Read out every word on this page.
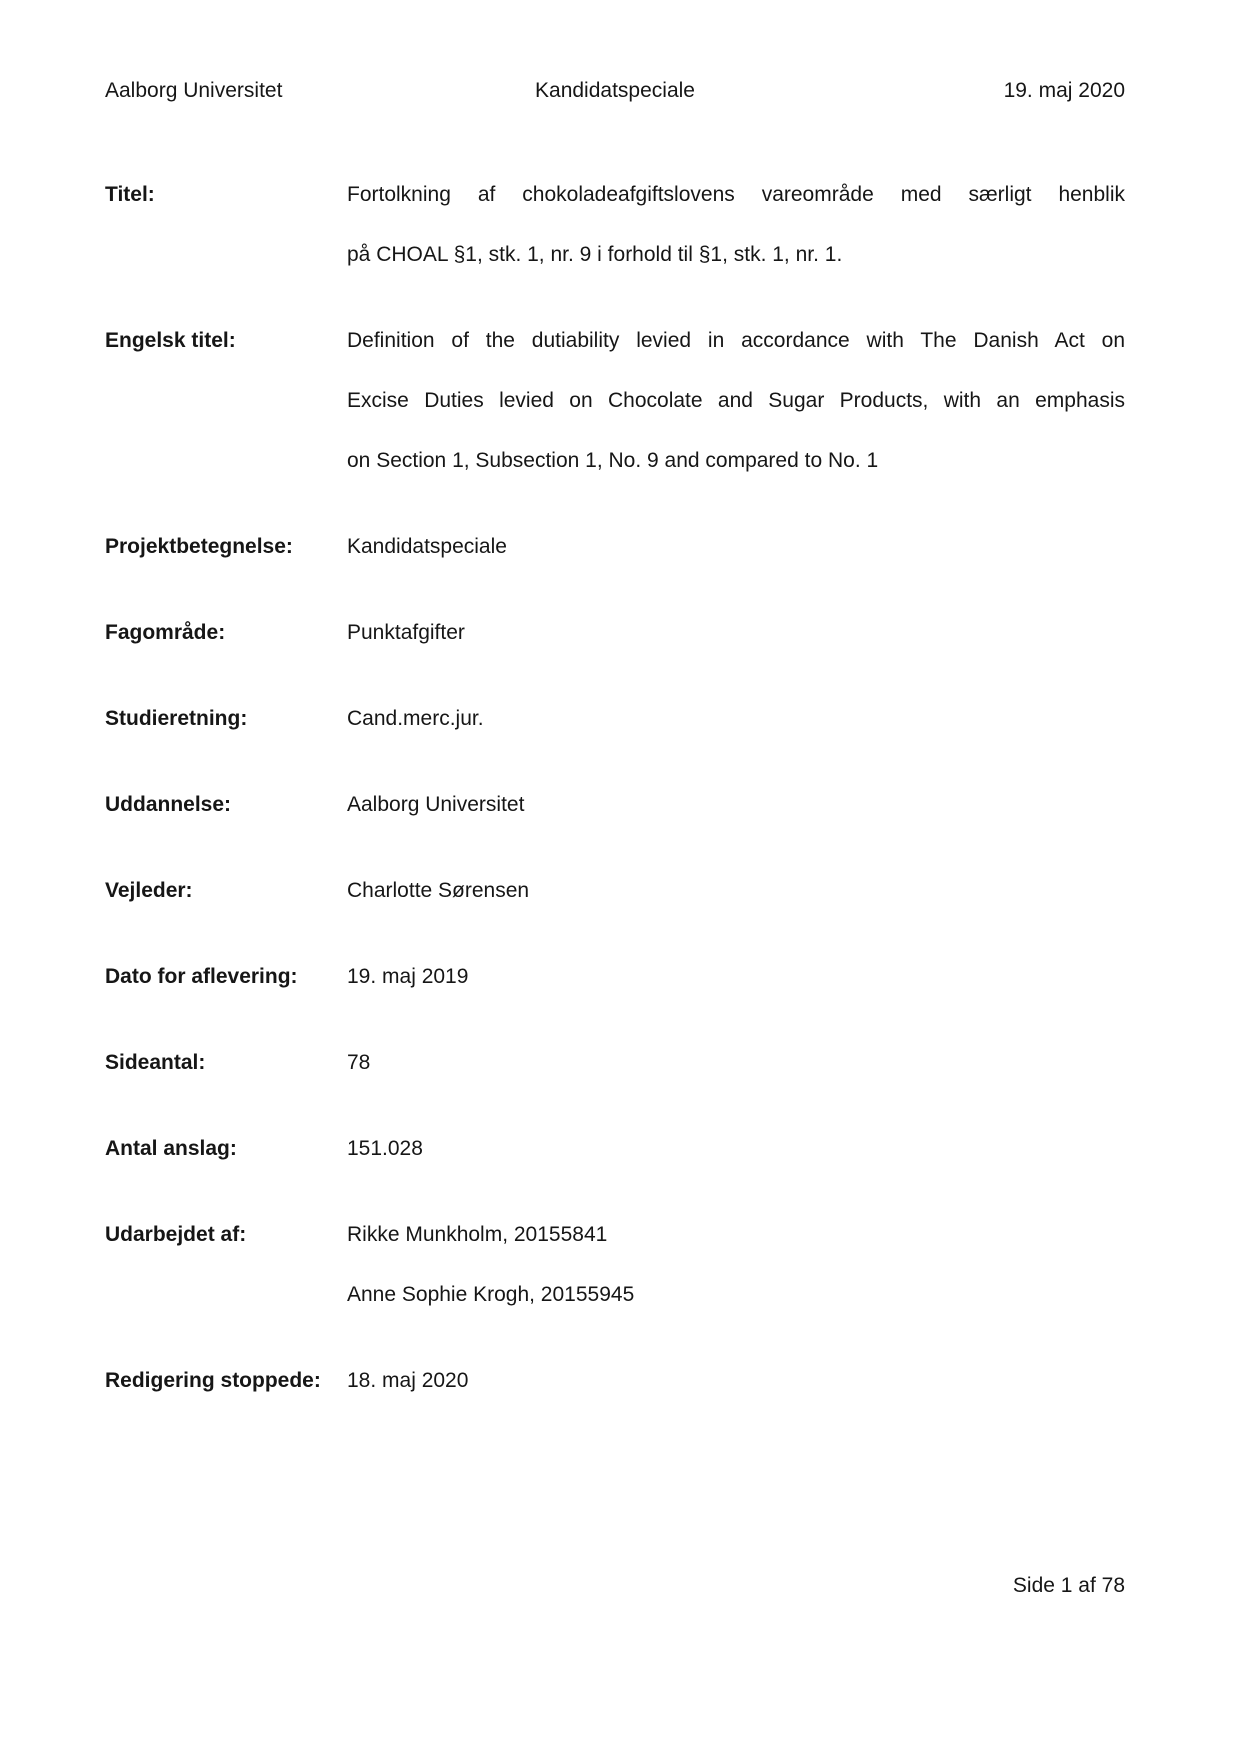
Aalborg Universitet	Kandidatspeciale	19. maj 2020
Titel:	Fortolkning af chokoladeafgiftslovens vareområde med særligt henblik
på CHOAL §1, stk. 1, nr. 9 i forhold til §1, stk. 1, nr. 1.
Engelsk titel:	Definition of the dutiability levied in accordance with The Danish Act on
Excise Duties levied on Chocolate and Sugar Products, with an emphasis
on Section 1, Subsection 1, No. 9 and compared to No. 1
Projektbetegnelse:	Kandidatspeciale
Fagområde:	Punktafgifter
Studieretning:	Cand.merc.jur.
Uddannelse:	Aalborg Universitet
Vejleder:	Charlotte Sørensen
Dato for aflevering:	19. maj 2019
Sideantal:	78
Antal anslag:	151.028
Udarbejdet af:	Rikke Munkholm, 20155841
Anne Sophie Krogh, 20155945
Redigering stoppede:	18. maj 2020
Side 1 af 78
